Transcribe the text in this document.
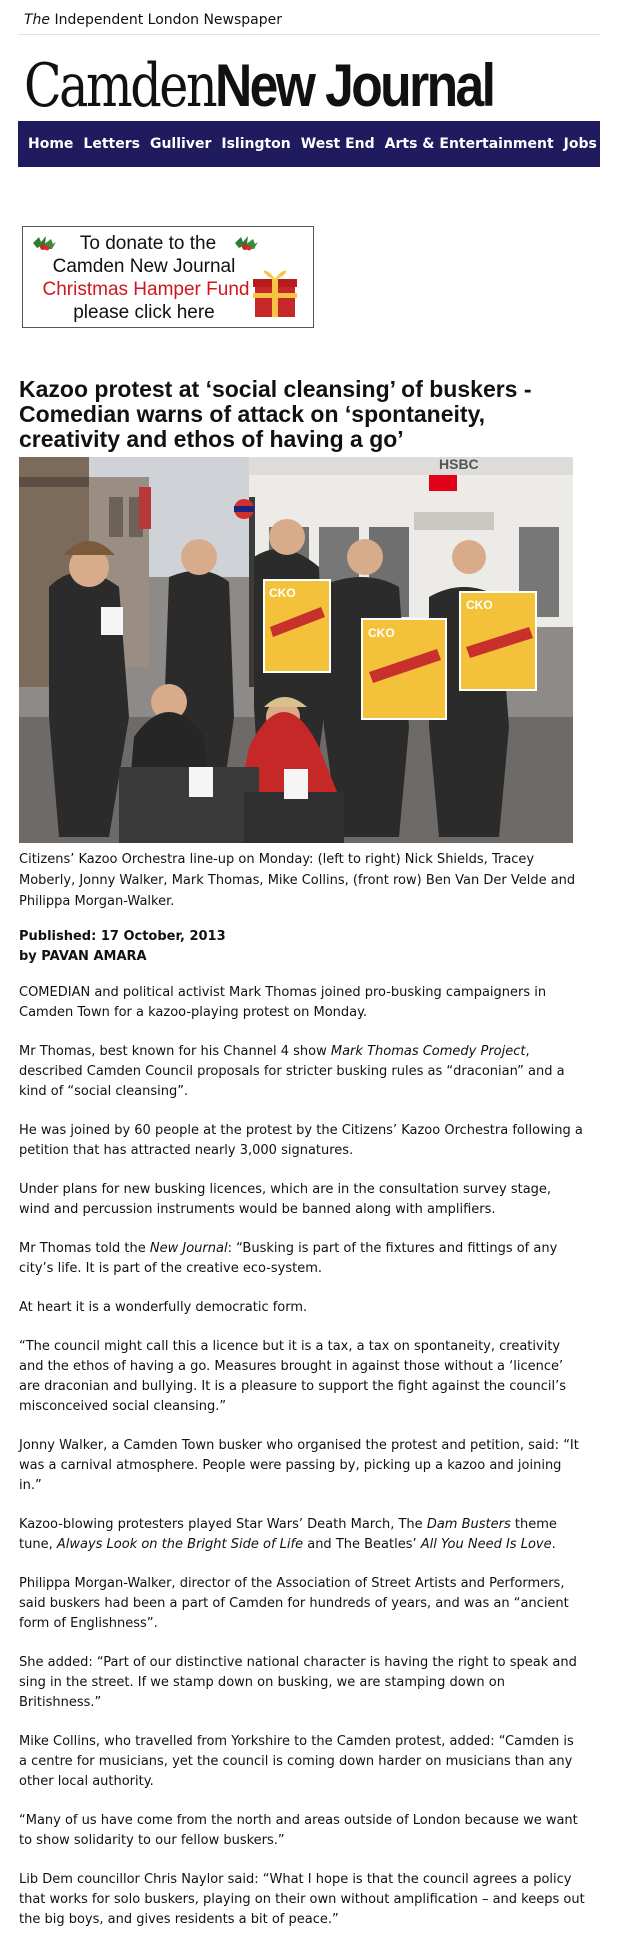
The Independent London Newspaper
Camden New Journal
Home Letters Gulliver Islington West End Arts & Entertainment Jobs Com
To donate to the
Camden New Journal
Christmas Hamper Fund
please click here
Kazoo protest at ‘social cleansing’ of buskers - Comedian warns of attack on ‘spontaneity, creativity and ethos of having a go’
CKO
CKO
CKO
HSBC

Citizens’ Kazoo Orchestra line-up on Monday: (left to right) Nick Shields, Tracey Moberly, Jonny Walker, Mark Thomas, Mike Collins, (front row) Ben Van Der Velde and Philippa Morgan-Walker.

Published: 17 October, 2013
by PAVAN AMARA

COMEDIAN and political activist Mark Thomas joined pro-busking campaigners in Camden Town for a kazoo-playing protest on Monday.

Mr Thomas, best known for his Channel 4 show Mark Thomas Comedy Project, described Camden Council proposals for stricter busking rules as “draconian” and a kind of “social cleansing”.

He was joined by 60 people at the protest by the Citizens’ Kazoo Orchestra following a petition that has attracted nearly 3,000 signatures.

Under plans for new busking licences, which are in the consultation survey stage, wind and percussion instruments would be banned along with amplifiers.

Mr Thomas told the New Journal: “Busking is part of the fixtures and fittings of any city’s life. It is part of the creative eco-system.

At heart it is a wonderfully democratic form.

“The council might call this a licence but it is a tax, a tax on spontaneity, creativity and the ethos of having a go. Measures brought in against those without a ‘licence’ are draconian and bullying. It is a pleasure to support the fight against the council’s misconceived social cleansing.”

Jonny Walker, a Camden Town busker who organised the protest and petition, said: “It was a carnival atmosphere. People were passing by, picking up a kazoo and joining in.”

Kazoo-blowing protesters played Star Wars’ Death March, The Dam Busters theme tune, Always Look on the Bright Side of Life and The Beatles’ All You Need Is Love.

Philippa Morgan-Walker, director of the Association of Street Artists and Performers, said buskers had been a part of Camden for hundreds of years, and was an “ancient form of Englishness”.

She added: “Part of our distinctive national character is having the right to speak and sing in the street. If we stamp down on busking, we are stamping down on Britishness.”

Mike Collins, who travelled from Yorkshire to the Camden protest, added: “Camden is a centre for musicians, yet the council is coming down harder on musicians than any other local authority.

“Many of us have come from the north and areas outside of London because we want to show solidarity to our fellow buskers.”

Lib Dem councillor Chris Naylor said: “What I hope is that the council agrees a policy that works for solo buskers, playing on their own without amplification – and keeps out the big boys, and gives residents a bit of peace.”
